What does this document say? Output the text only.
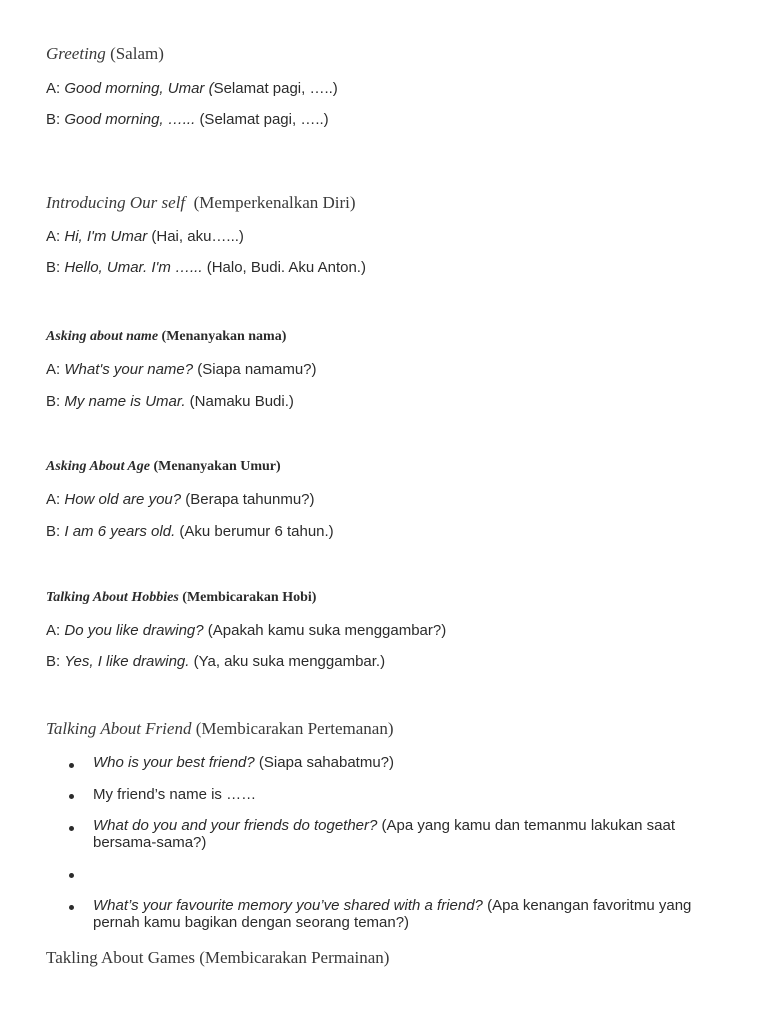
Greeting (Salam)
A: Good morning, Umar (Selamat pagi, …..)
B: Good morning, …... (Selamat pagi, …..)
Introducing Our self (Memperkenalkan Diri)
A: Hi, I'm Umar (Hai, aku…...)
B: Hello, Umar. I'm …... (Halo, Budi. Aku Anton.)
Asking about name (Menanyakan nama)
A: What's your name? (Siapa namamu?)
B: My name is Umar. (Namaku Budi.)
Asking About Age (Menanyakan Umur)
A: How old are you? (Berapa tahunmu?)
B: I am 6 years old. (Aku berumur 6 tahun.)
Talking About Hobbies (Membicarakan Hobi)
A: Do you like drawing? (Apakah kamu suka menggambar?)
B: Yes, I like drawing. (Ya, aku suka menggambar.)
Talking About Friend (Membicarakan Pertemanan)
Who is your best friend? (Siapa sahabatmu?)
My friend’s name is ……
What do you and your friends do together? (Apa yang kamu dan temanmu lakukan saat bersama-sama?)
What’s your favourite memory you’ve shared with a friend? (Apa kenangan favoritmu yang pernah kamu bagikan dengan seorang teman?)
Takling About Games (Membicarakan Permainan)
